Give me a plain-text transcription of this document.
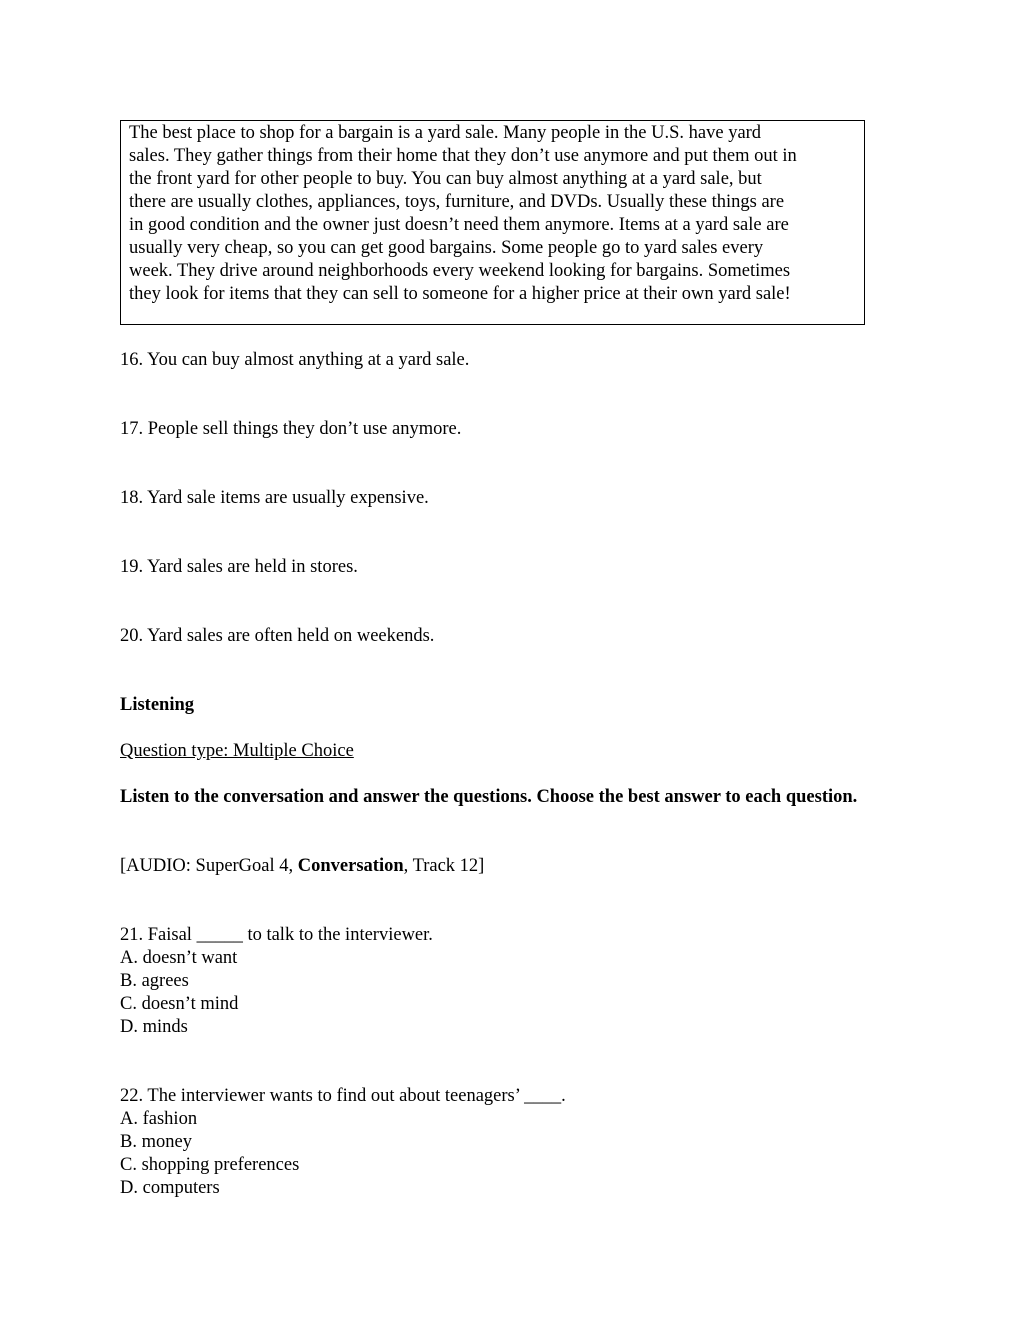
The best place to shop for a bargain is a yard sale. Many people in the U.S. have yard
sales. They gather things from their home that they don’t use anymore and put them out in
the front yard for other people to buy. You can buy almost anything at a yard sale, but
there are usually clothes, appliances, toys, furniture, and DVDs. Usually these things are
in good condition and the owner just doesn’t need them anymore. Items at a yard sale are
usually very cheap, so you can get good bargains. Some people go to yard sales every
week. They drive around neighborhoods every weekend looking for bargains. Sometimes
they look for items that they can sell to someone for a higher price at their own yard sale!
16. You can buy almost anything at a yard sale.
17. People sell things they don’t use anymore.
18. Yard sale items are usually expensive.
19. Yard sales are held in stores.
20. Yard sales are often held on weekends.
Listening
Question type: Multiple Choice
Listen to the conversation and answer the questions. Choose the best answer to each question.
[AUDIO: SuperGoal 4, Conversation, Track 12]
21. Faisal _____ to talk to the interviewer.
A. doesn’t want
B. agrees
C. doesn’t mind
D. minds
22. The interviewer wants to find out about teenagers’ ____.
A. fashion
B. money
C. shopping preferences
D. computers
